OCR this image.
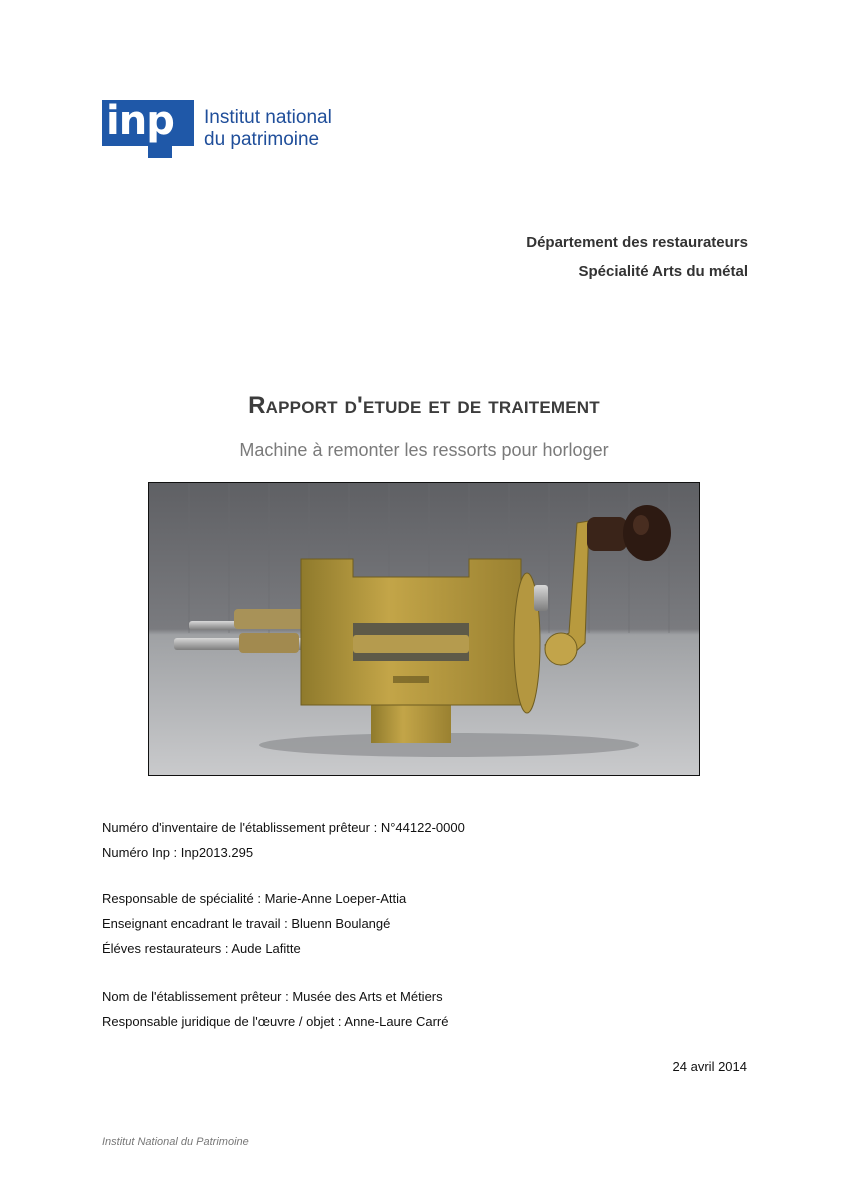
inp Institut national
du patrimoine
Département des restaurateurs
Spécialité Arts du métal
Rapport d'etude et de traitement
Machine à remonter les ressorts pour horloger
Numéro d'inventaire de l'établissement prêteur : N°44122-0000
Numéro Inp : Inp2013.295
Responsable de spécialité : Marie-Anne Loeper-Attia
Enseignant encadrant le travail : Bluenn Boulangé
Éléves restaurateurs : Aude Lafitte
Nom de l'établissement prêteur : Musée des Arts et Métiers
Responsable juridique de l'œuvre / objet : Anne-Laure Carré
24 avril 2014
Institut National du Patrimoine
